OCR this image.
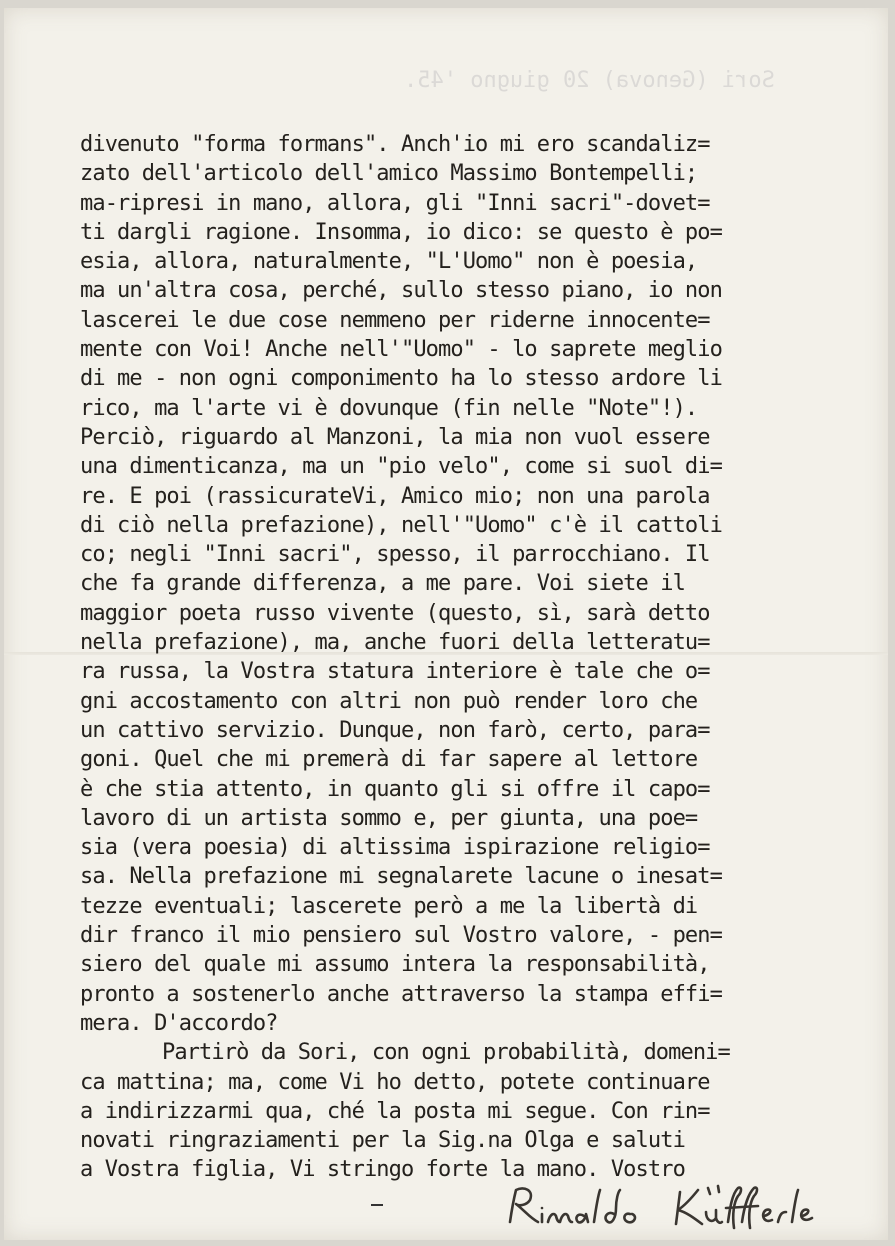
Sori (Genova) 20 giugno '45.
divenuto "forma formans". Anch'io mi ero scandaliz=
zato dell'articolo dell'amico Massimo Bontempelli;
ma-ripresi in mano, allora, gli "Inni sacri"-dovet=
ti dargli ragione. Insomma, io dico: se questo è po=
esia, allora, naturalmente, "L'Uomo" non è poesia,
ma un'altra cosa, perché, sullo stesso piano, io non
lascerei le due cose nemmeno per riderne innocente=
mente con Voi! Anche nell'"Uomo" - lo saprete meglio
di me - non ogni componimento ha lo stesso ardore li
rico, ma l'arte vi è dovunque (fin nelle "Note"!).
Perciò, riguardo al Manzoni, la mia non vuol essere
una dimenticanza, ma un "pio velo", come si suol di=
re. E poi (rassicurateVi, Amico mio; non una parola
di ciò nella prefazione), nell'"Uomo" c'è il cattoli
co; negli "Inni sacri", spesso, il parrocchiano. Il
che fa grande differenza, a me pare. Voi siete il
maggior poeta russo vivente (questo, sì, sarà detto
nella prefazione), ma, anche fuori della letteratu=
ra russa, la Vostra statura interiore è tale che o=
gni accostamento con altri non può render loro che
un cattivo servizio. Dunque, non farò, certo, para=
goni. Quel che mi premerà di far sapere al lettore
è che stia attento, in quanto gli si offre il capo=
lavoro di un artista sommo e, per giunta, una poe=
sia (vera poesia) di altissima ispirazione religio=
sa. Nella prefazione mi segnalarete lacune o inesat=
tezze eventuali; lascerete però a me la libertà di
dir franco il mio pensiero sul Vostro valore, - pen=
siero del quale mi assumo intera la responsabilità,
pronto a sostenerlo anche attraverso la stampa effi=
mera. D'accordo?
Partirò da Sori, con ogni probabilità, domeni=
ca mattina; ma, come Vi ho detto, potete continuare
a indirizzarmi qua, ché la posta mi segue. Con rin=
novati ringraziamenti per la Sig.na Olga e saluti
a Vostra figlia, Vi stringo forte la mano. Vostro
